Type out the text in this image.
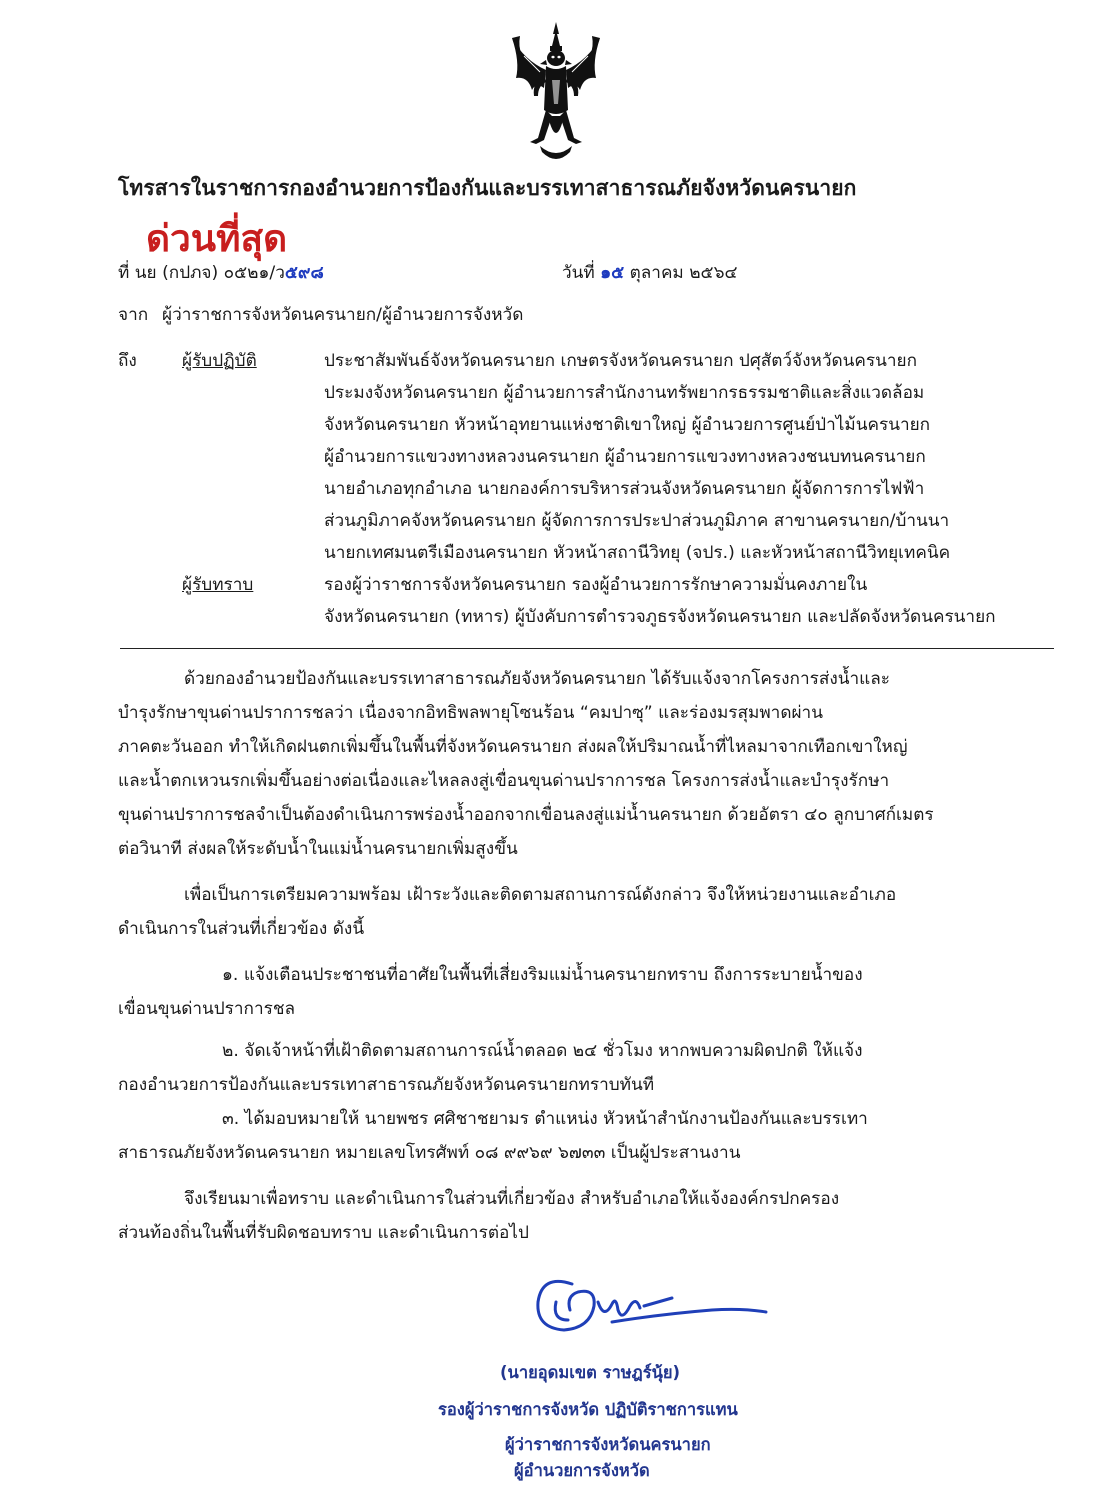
โทรสารในราชการกองอำนวยการป้องกันและบรรเทาสาธารณภัยจังหวัดนครนายก
ด่วนที่สุด
ที่ นย (กปภจ) ๐๕๒๑/ว๕๙๘	วันที่ ๑๕ ตุลาคม ๒๕๖๔
จาก ผู้ว่าราชการจังหวัดนครนายก/ผู้อำนวยการจังหวัด
ถึง	ผู้รับปฏิบัติ
ผู้รับทราบ
ประชาสัมพันธ์จังหวัดนครนายก เกษตรจังหวัดนครนายก ปศุสัตว์จังหวัดนครนายก
ประมงจังหวัดนครนายก ผู้อำนวยการสำนักงานทรัพยากรธรรมชาติและสิ่งแวดล้อม
จังหวัดนครนายก หัวหน้าอุทยานแห่งชาติเขาใหญ่ ผู้อำนวยการศูนย์ป่าไม้นครนายก
ผู้อำนวยการแขวงทางหลวงนครนายก ผู้อำนวยการแขวงทางหลวงชนบทนครนายก
นายอำเภอทุกอำเภอ นายกองค์การบริหารส่วนจังหวัดนครนายก ผู้จัดการการไฟฟ้า
ส่วนภูมิภาคจังหวัดนครนายก ผู้จัดการการประปาส่วนภูมิภาค สาขานครนายก/บ้านนา
นายกเทศมนตรีเมืองนครนายก หัวหน้าสถานีวิทยุ (จปร.) และหัวหน้าสถานีวิทยุเทคนิค
รองผู้ว่าราชการจังหวัดนครนายก รองผู้อำนวยการรักษาความมั่นคงภายใน
จังหวัดนครนายก (ทหาร) ผู้บังคับการตำรวจภูธรจังหวัดนครนายก และปลัดจังหวัดนครนายก
ด้วยกองอำนวยป้องกันและบรรเทาสาธารณภัยจังหวัดนครนายก ได้รับแจ้งจากโครงการส่งน้ำและ
บำรุงรักษาขุนด่านปราการชลว่า เนื่องจากอิทธิพลพายุโซนร้อน “คมปาซุ” และร่องมรสุมพาดผ่าน
ภาคตะวันออก ทำให้เกิดฝนตกเพิ่มขึ้นในพื้นที่จังหวัดนครนายก ส่งผลให้ปริมาณน้ำที่ไหลมาจากเทือกเขาใหญ่
และน้ำตกเหวนรกเพิ่มขึ้นอย่างต่อเนื่องและไหลลงสู่เขื่อนขุนด่านปราการชล โครงการส่งน้ำและบำรุงรักษา
ขุนด่านปราการชลจำเป็นต้องดำเนินการพร่องน้ำออกจากเขื่อนลงสู่แม่น้ำนครนายก ด้วยอัตรา ๔๐ ลูกบาศก์เมตร
ต่อวินาที ส่งผลให้ระดับน้ำในแม่น้ำนครนายกเพิ่มสูงขึ้น
เพื่อเป็นการเตรียมความพร้อม เฝ้าระวังและติดตามสถานการณ์ดังกล่าว จึงให้หน่วยงานและอำเภอ
ดำเนินการในส่วนที่เกี่ยวข้อง ดังนี้
๑. แจ้งเตือนประชาชนที่อาศัยในพื้นที่เสี่ยงริมแม่น้ำนครนายกทราบ ถึงการระบายน้ำของ
เขื่อนขุนด่านปราการชล
๒. จัดเจ้าหน้าที่เฝ้าติดตามสถานการณ์น้ำตลอด ๒๔ ชั่วโมง หากพบความผิดปกติ ให้แจ้ง
กองอำนวยการป้องกันและบรรเทาสาธารณภัยจังหวัดนครนายกทราบทันที
๓. ได้มอบหมายให้ นายพชร ศศิชาชยามร ตำแหน่ง หัวหน้าสำนักงานป้องกันและบรรเทา
สาธารณภัยจังหวัดนครนายก หมายเลขโทรศัพท์ ๐๘ ๙๙๖๙ ๖๗๓๓ เป็นผู้ประสานงาน
จึงเรียนมาเพื่อทราบ และดำเนินการในส่วนที่เกี่ยวข้อง สำหรับอำเภอให้แจ้งองค์กรปกครอง
ส่วนท้องถิ่นในพื้นที่รับผิดชอบทราบ และดำเนินการต่อไป
(นายอุดมเขต ราษฎร์นุ้ย)
รองผู้ว่าราชการจังหวัด ปฏิบัติราชการแทน
ผู้ว่าราชการจังหวัดนครนายก
ผู้อำนวยการจังหวัด
